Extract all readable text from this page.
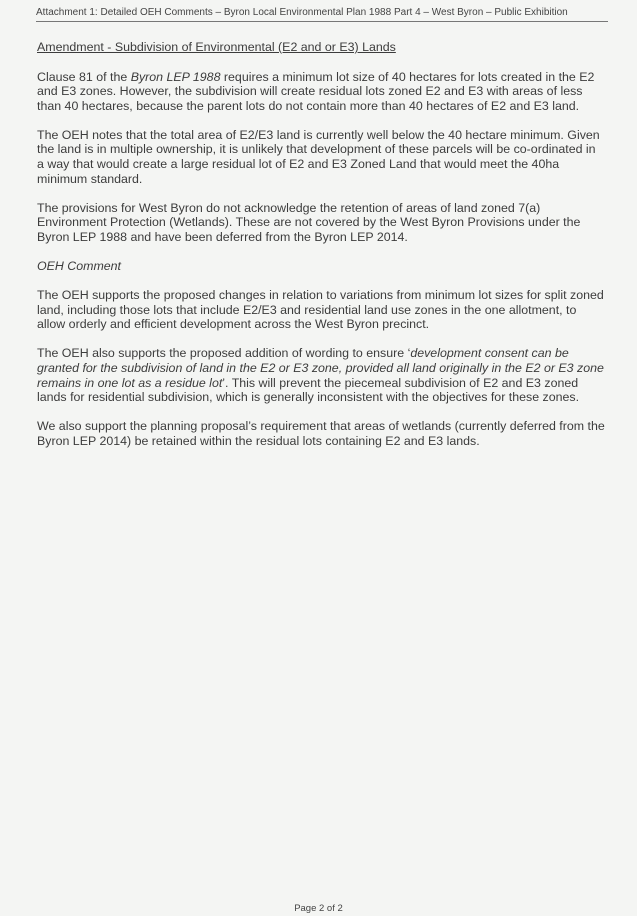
Attachment 1: Detailed OEH Comments – Byron Local Environmental Plan 1988 Part 4 – West Byron – Public Exhibition
Amendment - Subdivision of Environmental (E2 and or E3) Lands

Clause 81 of the Byron LEP 1988 requires a minimum lot size of 40 hectares for lots created in the E2 and E3 zones. However, the subdivision will create residual lots zoned E2 and E3 with areas of less than 40 hectares, because the parent lots do not contain more than 40 hectares of E2 and E3 land.

The OEH notes that the total area of E2/E3 land is currently well below the 40 hectare minimum. Given the land is in multiple ownership, it is unlikely that development of these parcels will be co-ordinated in a way that would create a large residual lot of E2 and E3 Zoned Land that would meet the 40ha minimum standard.

The provisions for West Byron do not acknowledge the retention of areas of land zoned 7(a) Environment Protection (Wetlands). These are not covered by the West Byron Provisions under the Byron LEP 1988 and have been deferred from the Byron LEP 2014.

OEH Comment

The OEH supports the proposed changes in relation to variations from minimum lot sizes for split zoned land, including those lots that include E2/E3 and residential land use zones in the one allotment, to allow orderly and efficient development across the West Byron precinct.

The OEH also supports the proposed addition of wording to ensure ‘development consent can be granted for the subdivision of land in the E2 or E3 zone, provided all land originally in the E2 or E3 zone remains in one lot as a residue lot’. This will prevent the piecemeal subdivision of E2 and E3 zoned lands for residential subdivision, which is generally inconsistent with the objectives for these zones.

We also support the planning proposal’s requirement that areas of wetlands (currently deferred from the Byron LEP 2014) be retained within the residual lots containing E2 and E3 lands.

Page 2 of 2
